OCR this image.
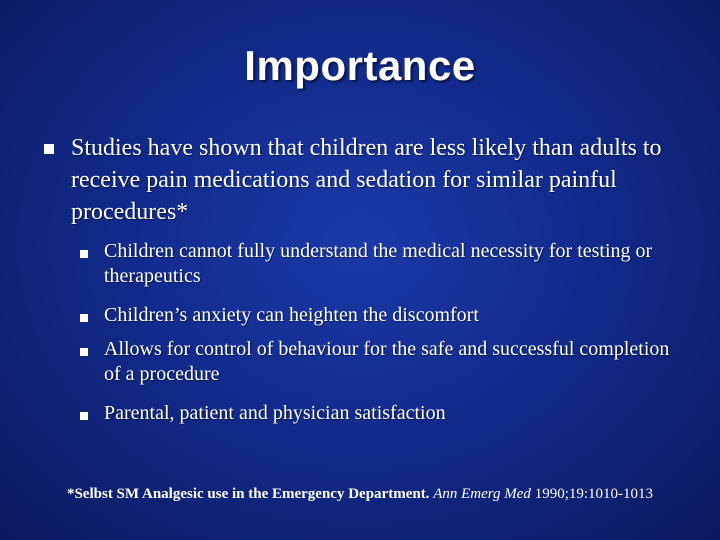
Importance
Studies have shown that children are less likely than adults to receive pain medications and sedation for similar painful procedures*
Children cannot fully understand the medical necessity for testing or therapeutics
Children’s anxiety can heighten the discomfort
Allows for control of behaviour for the safe and successful completion of a procedure
Parental, patient and physician satisfaction
*Selbst SM Analgesic use in the Emergency Department. Ann Emerg Med 1990;19:1010-1013
